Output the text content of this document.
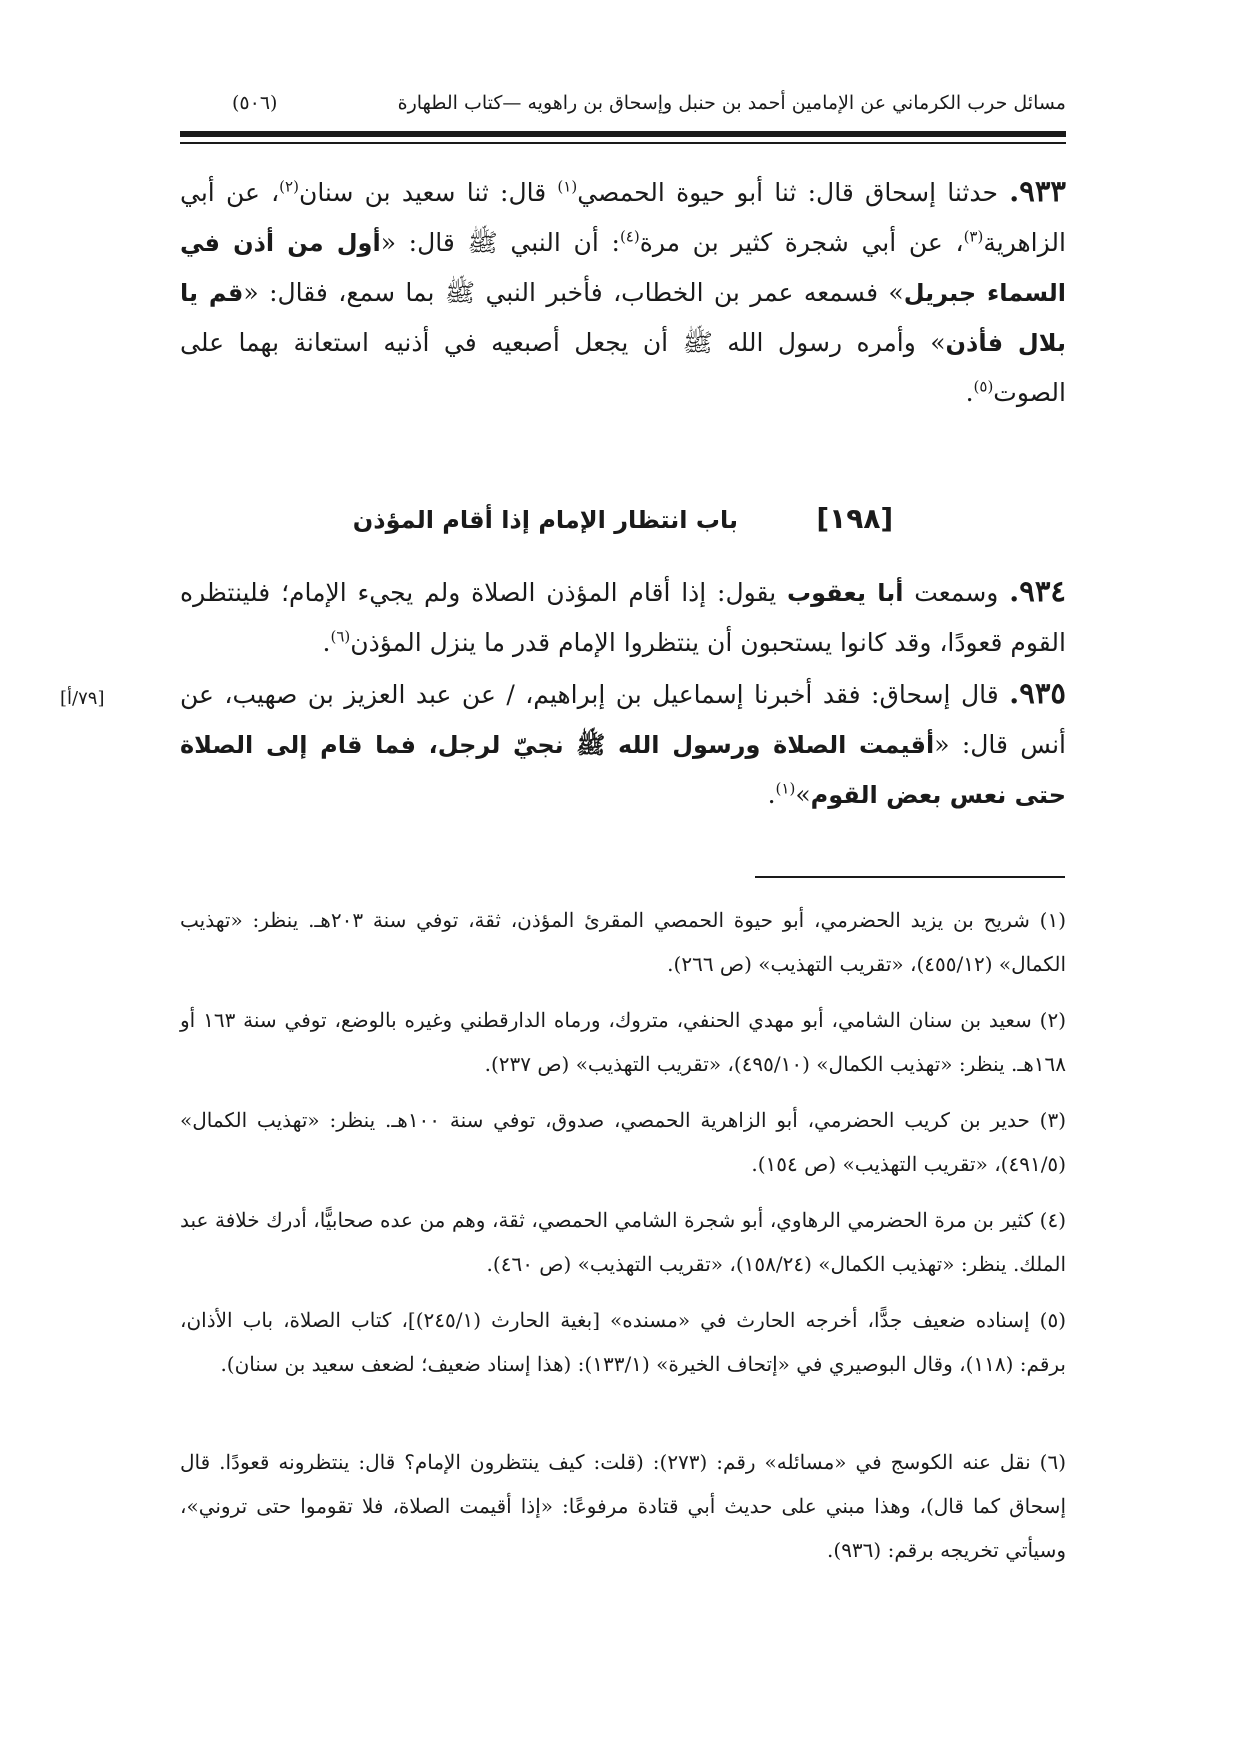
مسائل حرب الكرماني عن الإمامين أحمد بن حنبل وإسحاق بن راهويه —كتاب الطهارة
(٥٠٦)
٩٣٣. حدثنا إسحاق قال: ثنا أبو حيوة الحمصي$^{(١)}$ قال: ثنا سعيد بن سنان$^{(٢)}$، عن أبي الزاهرية$^{(٣)}$، عن أبي شجرة كثير بن مرة$^{(٤)}$: أن النبي ﷺ قال: «أول من أذن في السماء جبريل» فسمعه عمر بن الخطاب، فأخبر النبي ﷺ بما سمع، فقال: «قم يا بلال فأذن» وأمره رسول الله ﷺ أن يجعل أصبعيه في أذنيه استعانة بهما على الصوت$^{(٥)}$.
[١٩٨] باب انتظار الإمام إذا أقام المؤذن
٩٣٤. وسمعت أبا يعقوب يقول: إذا أقام المؤذن الصلاة ولم يجيء الإمام؛ فلينتظره القوم قعودًا، وقد كانوا يستحبون أن ينتظروا الإمام قدر ما ينزل المؤذن$^{(٦)}$.
[٧٩/أ]	٩٣٥. قال إسحاق: فقد أخبرنا إسماعيل بن إبراهيم، / عن عبد العزيز بن صهيب، عن أنس قال: «أقيمت الصلاة ورسول الله ﷺ نجيّ لرجل، فما قام إلى الصلاة حتى نعس بعض القوم»$^{(١)}$.
(١) شريح بن يزيد الحضرمي، أبو حيوة الحمصي المقرئ المؤذن، ثقة، توفي سنة ٢٠٣هـ. ينظر: «تهذيب الكمال» (٤٥٥/١٢)، «تقريب التهذيب» (ص ٢٦٦).
(٢) سعيد بن سنان الشامي، أبو مهدي الحنفي، متروك، ورماه الدارقطني وغيره بالوضع، توفي سنة ١٦٣ أو ١٦٨هـ. ينظر: «تهذيب الكمال» (٤٩٥/١٠)، «تقريب التهذيب» (ص ٢٣٧).
(٣) حدير بن كريب الحضرمي، أبو الزاهرية الحمصي، صدوق، توفي سنة ١٠٠هـ. ينظر: «تهذيب الكمال» (٤٩١/٥)، «تقريب التهذيب» (ص ١٥٤).
(٤) كثير بن مرة الحضرمي الرهاوي، أبو شجرة الشامي الحمصي، ثقة، وهم من عده صحابيًّا، أدرك خلافة عبد الملك. ينظر: «تهذيب الكمال» (١٥٨/٢٤)، «تقريب التهذيب» (ص ٤٦٠).
(٥) إسناده ضعيف جدًّا، أخرجه الحارث في «مسنده» [بغية الحارث (٢٤٥/١)]، كتاب الصلاة، باب الأذان، برقم: (١١٨)، وقال البوصيري في «إتحاف الخيرة» (١٣٣/١): (هذا إسناد ضعيف؛ لضعف سعيد بن سنان).
(٦) نقل عنه الكوسج في «مسائله» رقم: (٢٧٣): (قلت: كيف ينتظرون الإمام؟ قال: ينتظرونه قعودًا. قال إسحاق كما قال)، وهذا مبني على حديث أبي قتادة مرفوعًا: «إذا أقيمت الصلاة، فلا تقوموا حتى تروني»، وسيأتي تخريجه برقم: (٩٣٦).
